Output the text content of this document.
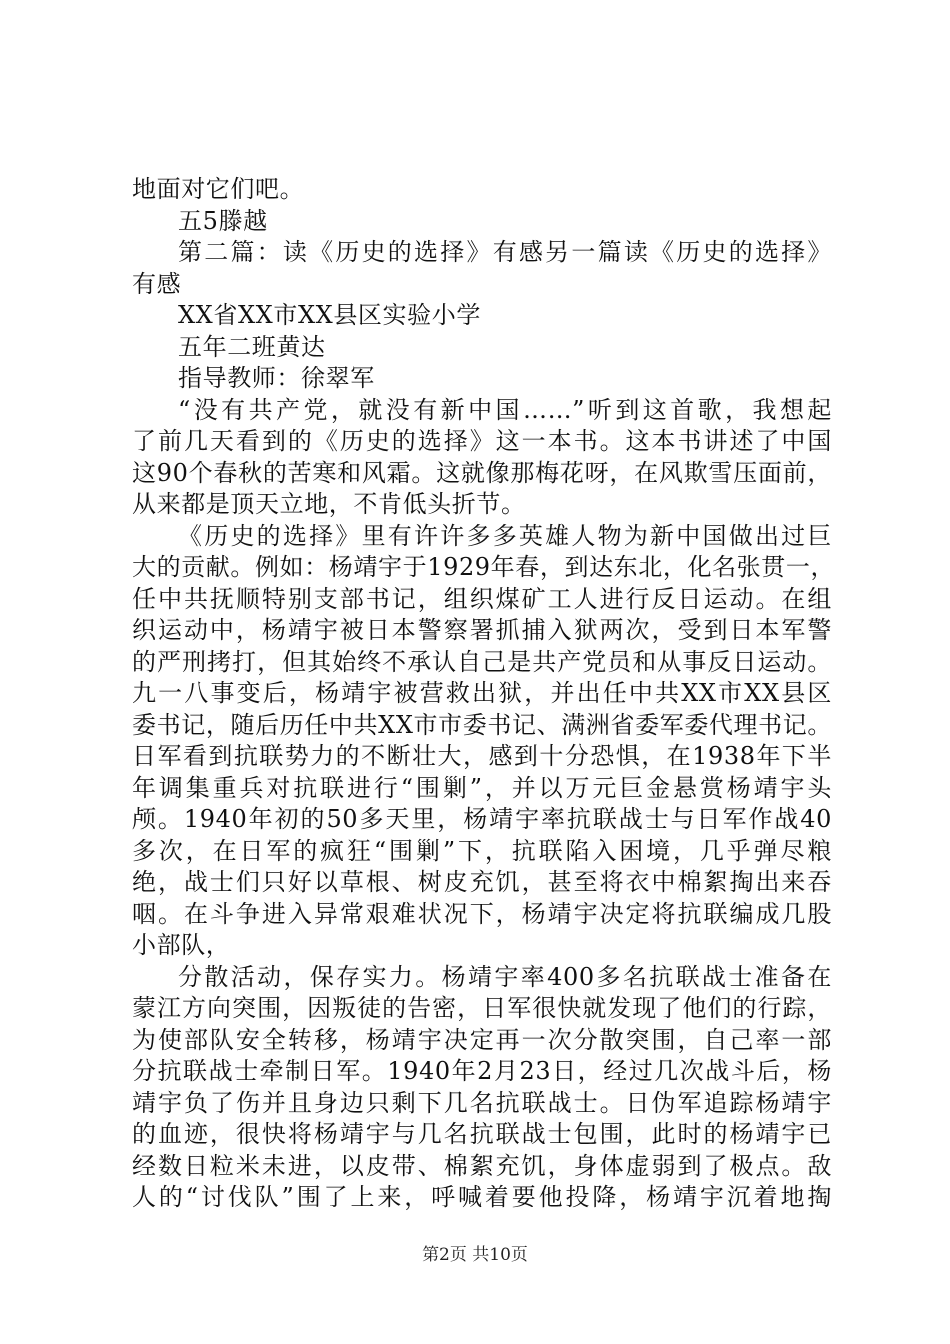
地面对它们吧。
五5滕越
第二篇：读《历史的选择》有感另一篇读《历史的选择》
有感
XX省XX市XX县区实验小学
五年二班黄达
指导教师：徐翠军
“没有共产党，就没有新中国……”听到这首歌，我想起
了前几天看到的《历史的选择》这一本书。这本书讲述了中国
这90个春秋的苦寒和风霜。这就像那梅花呀，在风欺雪压面前，
从来都是顶天立地，不肯低头折节。
《历史的选择》里有许许多多英雄人物为新中国做出过巨
大的贡献。例如：杨靖宇于1929年春，到达东北，化名张贯一，
任中共抚顺特别支部书记，组织煤矿工人进行反日运动。在组
织运动中，杨靖宇被日本警察署抓捕入狱两次，受到日本军警
的严刑拷打，但其始终不承认自己是共产党员和从事反日运动。
九一八事变后，杨靖宇被营救出狱，并出任中共XX市XX县区
委书记，随后历任中共XX市市委书记、满洲省委军委代理书记。
日军看到抗联势力的不断壮大，感到十分恐惧，在1938年下半
年调集重兵对抗联进行“围剿”，并以万元巨金悬赏杨靖宇头
颅。1940年初的50多天里，杨靖宇率抗联战士与日军作战40
多次，在日军的疯狂“围剿”下，抗联陷入困境，几乎弹尽粮
绝，战士们只好以草根、树皮充饥，甚至将衣中棉絮掏出来吞
咽。在斗争进入异常艰难状况下，杨靖宇决定将抗联编成几股
小部队，
分散活动，保存实力。杨靖宇率400多名抗联战士准备在
蒙江方向突围，因叛徒的告密，日军很快就发现了他们的行踪，
为使部队安全转移，杨靖宇决定再一次分散突围，自己率一部
分抗联战士牵制日军。1940年2月23日，经过几次战斗后，杨
靖宇负了伤并且身边只剩下几名抗联战士。日伪军追踪杨靖宇
的血迹，很快将杨靖宇与几名抗联战士包围，此时的杨靖宇已
经数日粒米未进，以皮带、棉絮充饥，身体虚弱到了极点。敌
人的“讨伐队”围了上来，呼喊着要他投降，杨靖宇沉着地掏
第2页 共10页
